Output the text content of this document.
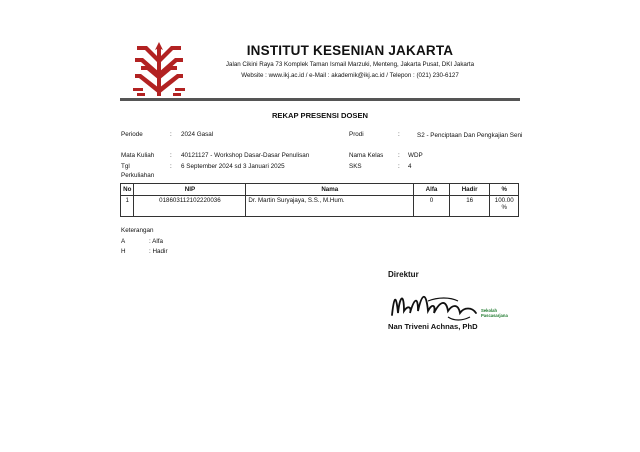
INSTITUT KESENIAN JAKARTA
Jalan Cikini Raya 73 Komplek Taman Ismail Marzuki, Menteng, Jakarta Pusat, DKI Jakarta
Website : www.ikj.ac.id / e-Mail : akademik@ikj.ac.id / Telepon : (021) 230-6127
REKAP PRESENSI DOSEN
Periode	: 2024 Gasal	Prodi	:	S2 - Penciptaan Dan Pengkajian Seni
Mata Kuliah : 40121127 - Workshop Dasar-Dasar Penulisan	Nama Kelas : WDP
Tgl
Perkuliahan
: 6 September 2024 sd 3 Januari 2025	SKS	: 4
No	NIP	Nama	Alfa	Hadir	%
1	018603112102220036	Dr. Martin Suryajaya, S.S., M.Hum.	0	16	100.00 %
Keterangan
A	: Alfa
H	: Hadir
Direktur
Sekolah
Pascasarjana
Nan Triveni Achnas, PhD
